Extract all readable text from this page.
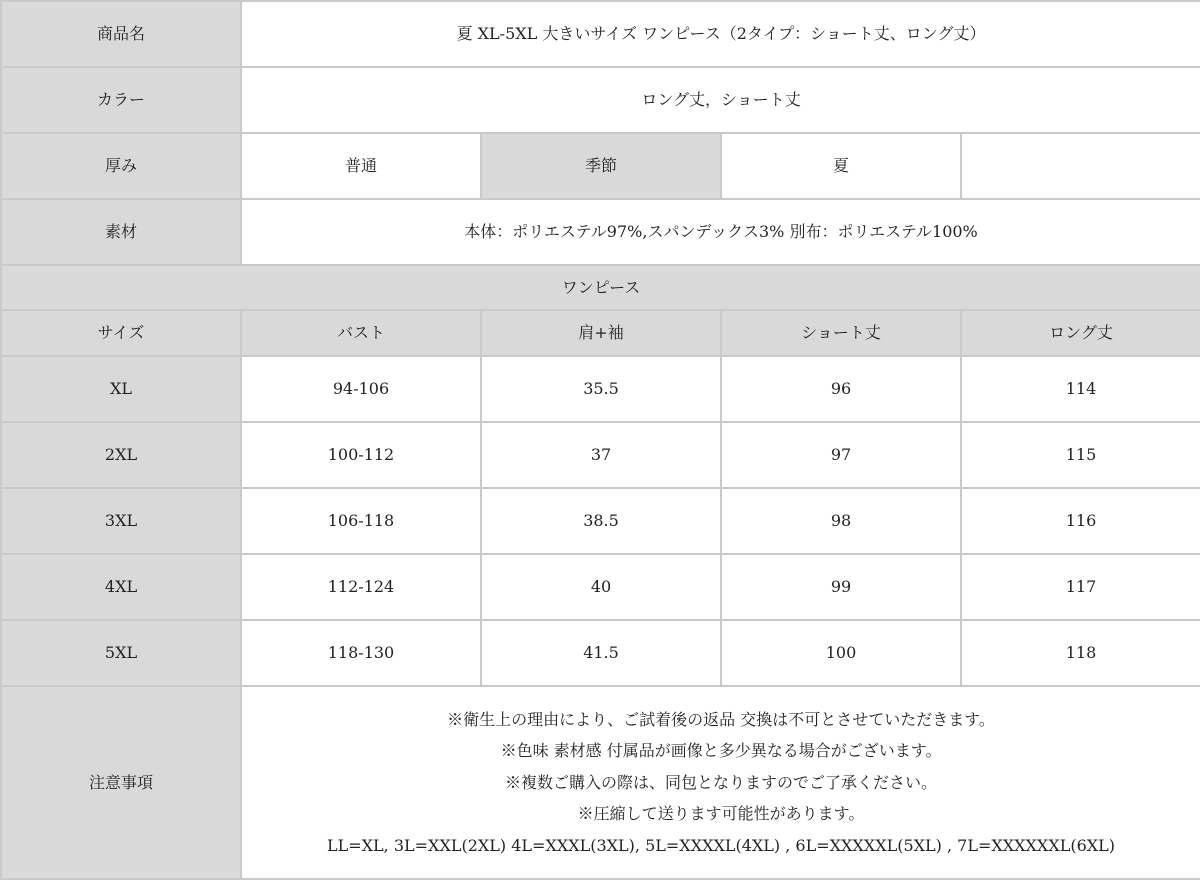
商品名	夏 XL-5XL 大きいサイズ ワンピース（2タイプ：ショート丈、ロング丈）			
カラー	ロング丈，ショート丈			
厚み	普通	季節	夏	
素材	本体：ポリエステル97%,スパンデックス3% 別布：ポリエステル100%			
ワンピース				
サイズ	バスト	肩+袖	ショート丈	ロング丈
XL	94-106	35.5	96	114
2XL	100-112	37	97	115
3XL	106-118	38.5	98	116
4XL	112-124	40	99	117
5XL	118-130	41.5	100	118
注意事項	※衛生上の理由により、ご試着後の返品 交換は不可とさせていただきます。
※色味 素材感 付属品が画像と多少異なる場合がございます。
※複数ご購入の際は、同包となりますのでご了承ください。
※圧縮して送ります可能性があります。
LL=XL, 3L=XXL(2XL) 4L=XXXL(3XL), 5L=XXXXL(4XL) , 6L=XXXXXL(5XL) , 7L=XXXXXXL(6XL)			
